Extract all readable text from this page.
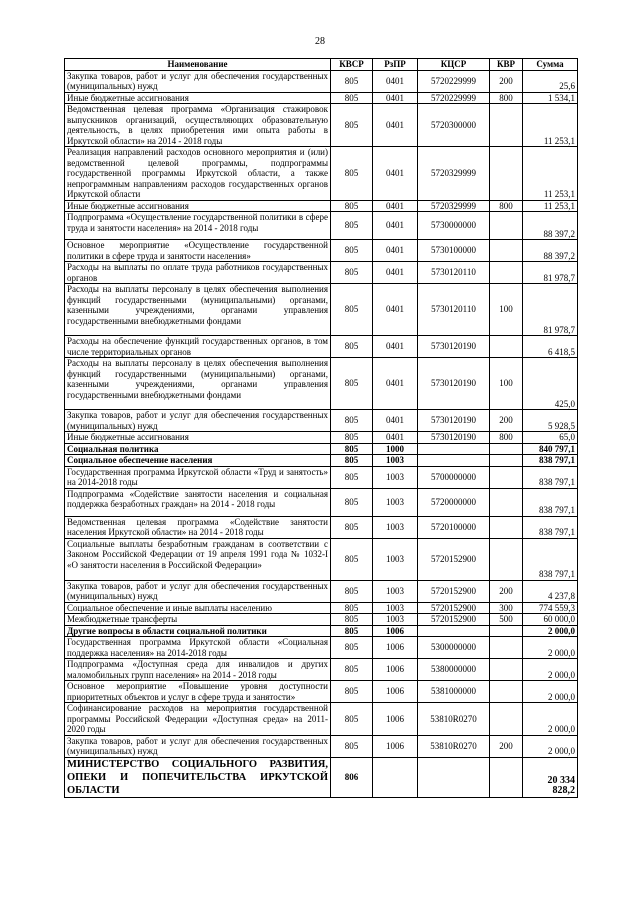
28
Наименование	КВСР	РзПР	КЦСР	КВР	Сумма
Закупка товаров, работ и услуг для обеспечения государственных (муниципальных) нужд	805	0401	5720229999	200	25,6
Иные бюджетные ассигнования	805	0401	5720229999	800	1 534,1
Ведомственная целевая программа «Организация стажировок выпускников организаций, осуществляющих образовательную деятельность, в целях приобретения ими опыта работы в Иркутской области» на 2014 - 2018 годы	805	0401	5720300000		11 253,1
Реализация направлений расходов основного мероприятия и (или) ведомственной целевой программы, подпрограммы государственной программы Иркутской области, а также непрограммным направлениям расходов государственных органов Иркутской области	805	0401	5720329999		11 253,1
Иные бюджетные ассигнования	805	0401	5720329999	800	11 253,1
Подпрограмма «Осуществление государственной политики в сфере труда и занятости населения» на 2014 - 2018 годы	805	0401	5730000000		88 397,2
Основное мероприятие «Осуществление государственной политики в сфере труда и занятости населения»	805	0401	5730100000		88 397,2
Расходы на выплаты по оплате труда работников государственных органов	805	0401	5730120110		81 978,7
Расходы на выплаты персоналу в целях обеспечения выполнения функций государственными (муниципальными) органами, казенными учреждениями, органами управления государственными внебюджетными фондами	805	0401	5730120110	100	81 978,7
Расходы на обеспечение функций государственных органов, в том числе территориальных органов	805	0401	5730120190		6 418,5
Расходы на выплаты персоналу в целях обеспечения выполнения функций государственными (муниципальными) органами, казенными учреждениями, органами управления государственными внебюджетными фондами	805	0401	5730120190	100	425,0
Закупка товаров, работ и услуг для обеспечения государственных (муниципальных) нужд	805	0401	5730120190	200	5 928,5
Иные бюджетные ассигнования	805	0401	5730120190	800	65,0
Социальная политика	805	1000			840 797,1
Социальное обеспечение населения	805	1003			838 797,1
Государственная программа Иркутской области «Труд и занятость» на 2014-2018 годы	805	1003	5700000000		838 797,1
Подпрограмма «Содействие занятости населения и социальная поддержка безработных граждан» на 2014 - 2018 годы	805	1003	5720000000		838 797,1
Ведомственная целевая программа «Содействие занятости населения Иркутской области» на 2014 - 2018 годы	805	1003	5720100000		838 797,1
Социальные выплаты безработным гражданам в соответствии с Законом Российской Федерации от 19 апреля 1991 года № 1032-I «О занятости населения в Российской Федерации»	805	1003	5720152900		838 797,1
Закупка товаров, работ и услуг для обеспечения государственных (муниципальных) нужд	805	1003	5720152900	200	4 237,8
Социальное обеспечение и иные выплаты населению	805	1003	5720152900	300	774 559,3
Межбюджетные трансферты	805	1003	5720152900	500	60 000,0
Другие вопросы в области социальной политики	805	1006			2 000,0
Государственная программа Иркутской области «Социальная поддержка населения» на 2014-2018 годы	805	1006	5300000000		2 000,0
Подпрограмма «Доступная среда для инвалидов и других маломобильных групп населения» на 2014 - 2018 годы	805	1006	5380000000		2 000,0
Основное мероприятие «Повышение уровня доступности приоритетных объектов и услуг в сфере труда и занятости»	805	1006	5381000000		2 000,0
Софинансирование расходов на мероприятия государственной программы Российской Федерации «Доступная среда» на 2011-2020 годы	805	1006	53810R0270		2 000,0
Закупка товаров, работ и услуг для обеспечения государственных (муниципальных) нужд	805	1006	53810R0270	200	2 000,0
МИНИСТЕРСТВО СОЦИАЛЬНОГО РАЗВИТИЯ, ОПЕКИ И ПОПЕЧИТЕЛЬСТВА ИРКУТСКОЙ ОБЛАСТИ	806				20 334 828,2
